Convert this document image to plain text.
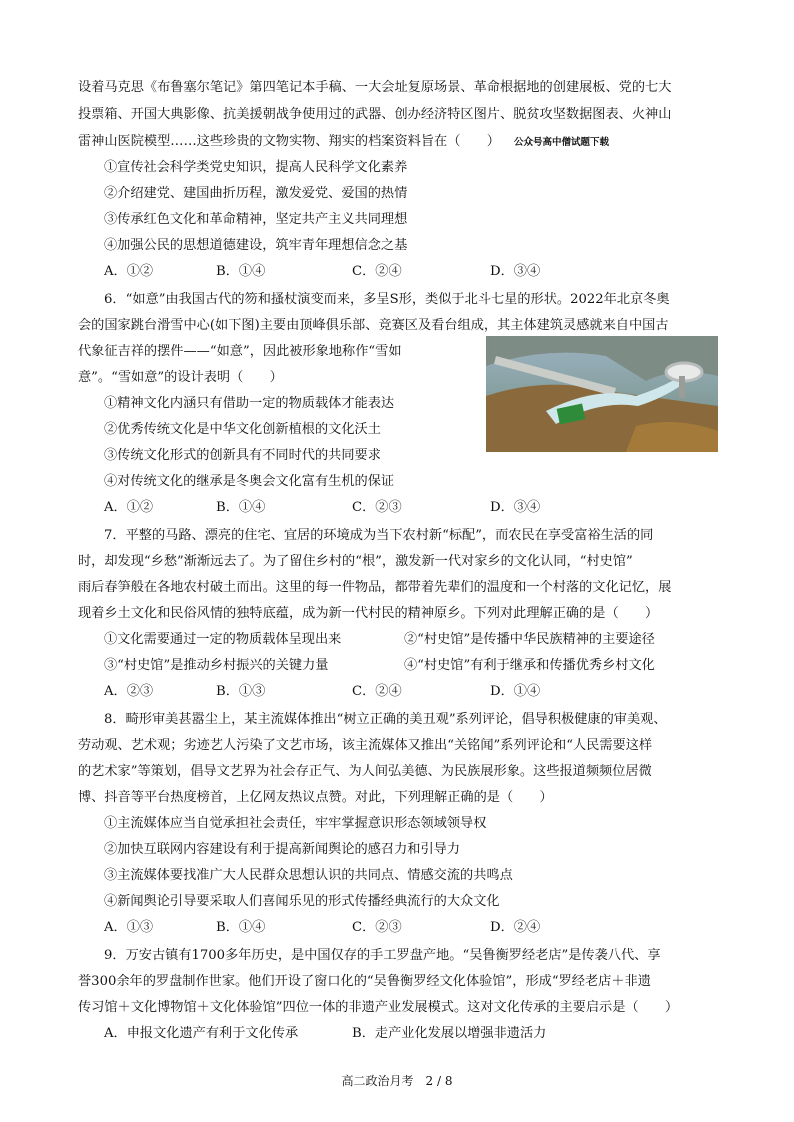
设着马克思《布鲁塞尔笔记》第四笔记本手稿、一大会址复原场景、革命根据地的创建展板、党的七大
投票箱、开国大典影像、抗美援朝战争使用过的武器、创办经济特区图片、脱贫攻坚数据图表、火神山
雷神山医院模型……这些珍贵的文物实物、翔实的档案资料旨在（　　） 公众号高中僧试题下载
①宣传社会科学类党史知识，提高人民科学文化素养
②介绍建党、建国曲折历程，激发爱党、爱国的热情
③传承红色文化和革命精神，坚定共产主义共同理想
④加强公民的思想道德建设，筑牢青年理想信念之基
A．①②	B．①④	C．②④	D．③④
6．“如意”由我国古代的笏和搔杖演变而来，多呈S形，类似于北斗七星的形状。2022年北京冬奥
会的国家跳台滑雪中心(如下图)主要由顶峰俱乐部、竞赛区及看台组成，其主体建筑灵感就来自中国古
代象征吉祥的摆件——“如意”，因此被形象地称作“雪如
意”。“雪如意”的设计表明（　　）
①精神文化内涵只有借助一定的物质载体才能表达
②优秀传统文化是中华文化创新植根的文化沃土
③传统文化形式的创新具有不同时代的共同要求
④对传统文化的继承是冬奥会文化富有生机的保证
A．①②	B．①④	C．②③	D．③④
7．平整的马路、漂亮的住宅、宜居的环境成为当下农村新“标配”，而农民在享受富裕生活的同
时，却发现“乡愁”渐渐远去了。为了留住乡村的“根”，激发新一代对家乡的文化认同，“村史馆”
雨后春笋般在各地农村破土而出。这里的每一件物品，都带着先辈们的温度和一个村落的文化记忆，展
现着乡土文化和民俗风情的独特底蕴，成为新一代村民的精神原乡。下列对此理解正确的是（　　）
①文化需要通过一定的物质载体呈现出来	②“村史馆”是传播中华民族精神的主要途径
③“村史馆”是推动乡村振兴的关键力量	④“村史馆”有利于继承和传播优秀乡村文化
A．②③	B．①③	C．②④	D．①④
8．畸形审美甚嚣尘上，某主流媒体推出“树立正确的美丑观”系列评论，倡导积极健康的审美观、
劳动观、艺术观；劣迹艺人污染了文艺市场，该主流媒体又推出“关铭闻”系列评论和“人民需要这样
的艺术家”等策划，倡导文艺界为社会存正气、为人间弘美德、为民族展形象。这些报道频频位居微
博、抖音等平台热度榜首，上亿网友热议点赞。对此，下列理解正确的是（　　）
①主流媒体应当自觉承担社会责任，牢牢掌握意识形态领域领导权
②加快互联网内容建设有利于提高新闻舆论的感召力和引导力
③主流媒体要找准广大人民群众思想认识的共同点、情感交流的共鸣点
④新闻舆论引导要采取人们喜闻乐见的形式传播经典流行的大众文化
A．①③	B．①④	C．②③	D．②④
9．万安古镇有1700多年历史，是中国仅存的手工罗盘产地。“吴鲁衡罗经老店”是传袭八代、享
誉300余年的罗盘制作世家。他们开设了窗口化的“吴鲁衡罗经文化体验馆”，形成“罗经老店＋非遗
传习馆＋文化博物馆＋文化体验馆”四位一体的非遗产业发展模式。这对文化传承的主要启示是（　　）
A．申报文化遗产有利于文化传承	B．走产业化发展以增强非遗活力
高二政治月考　2 / 8
